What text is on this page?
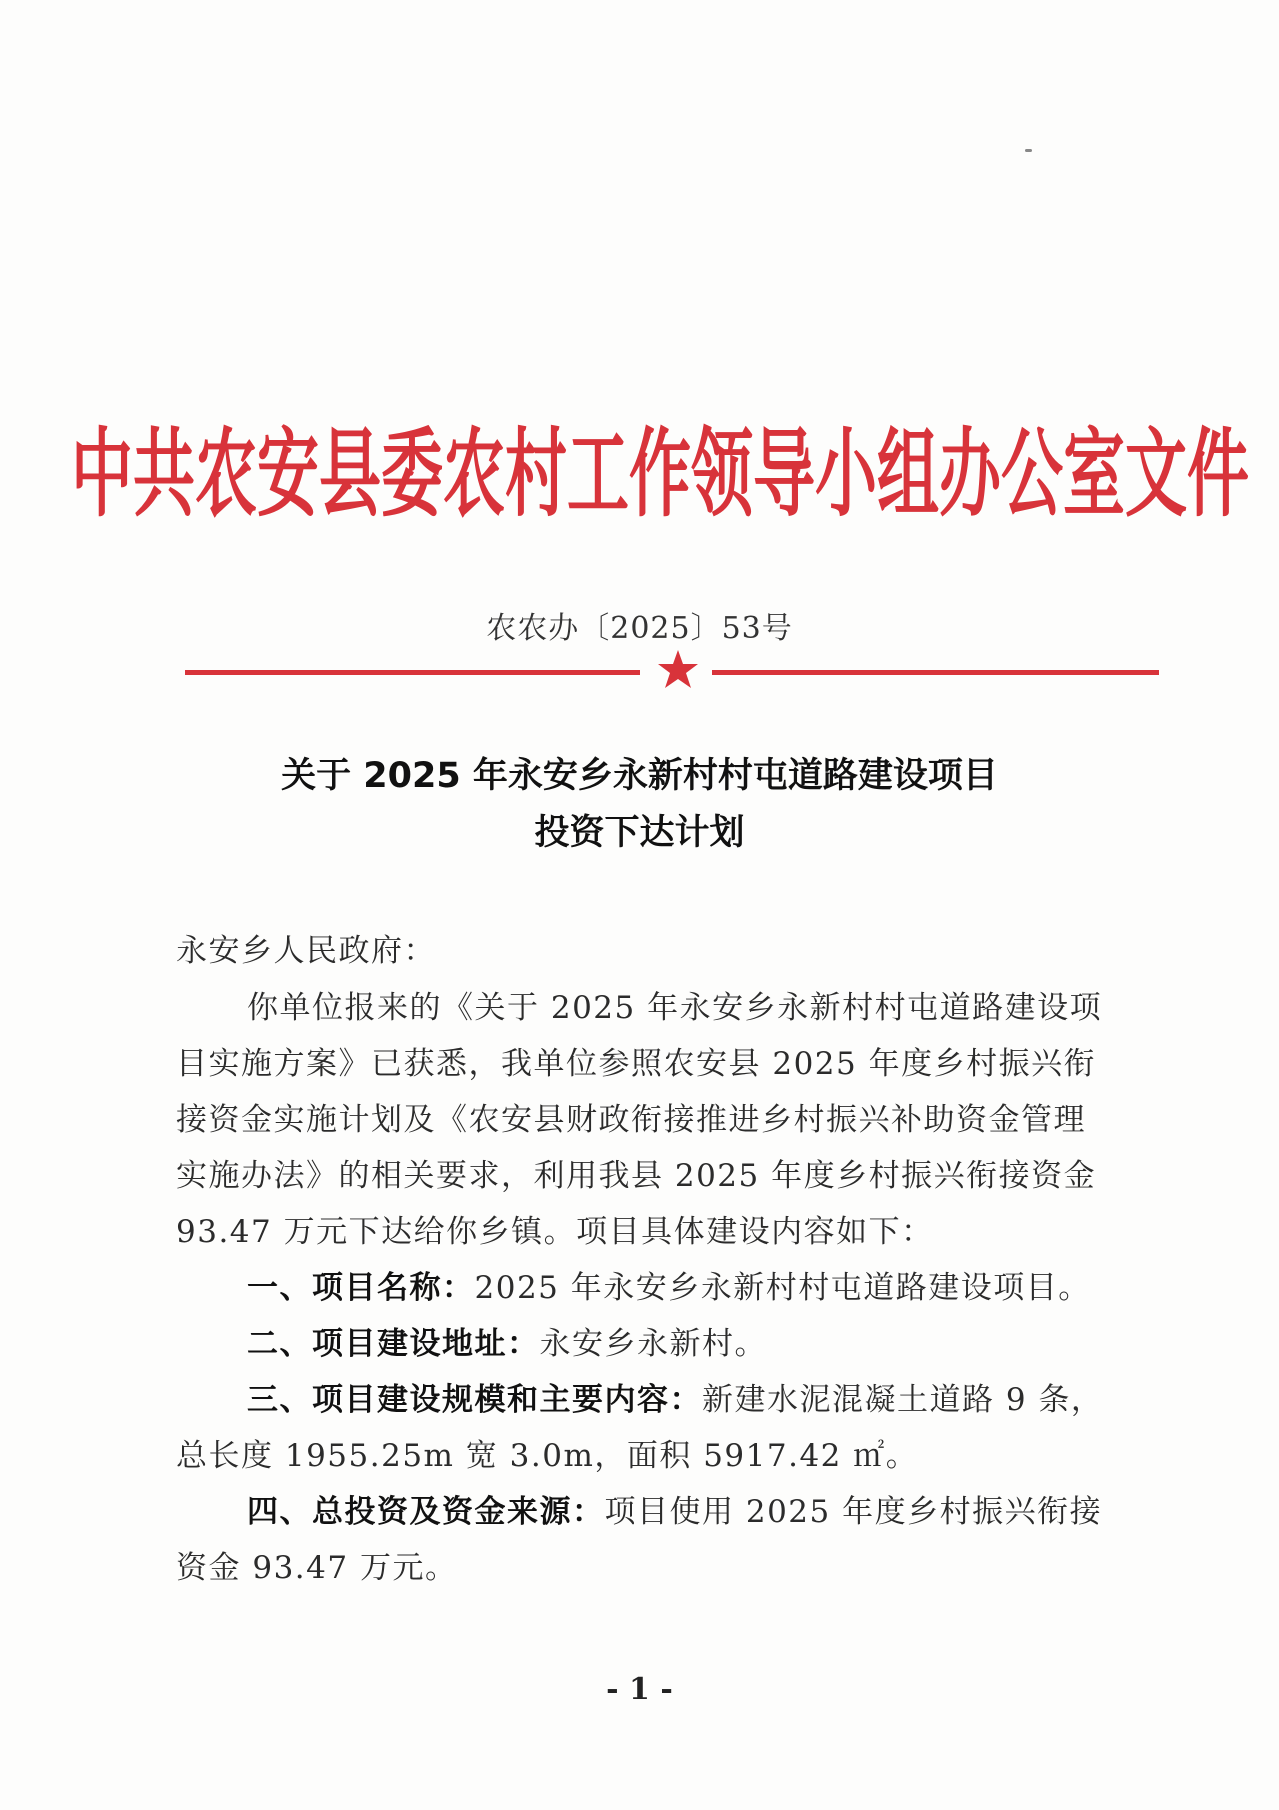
中共农安县委农村工作领导小组办公室文件
农农办〔2025〕53号
关于 2025 年永安乡永新村村屯道路建设项目
投资下达计划
永安乡人民政府：
你单位报来的《关于 2025 年永安乡永新村村屯道路建设项
目实施方案》已获悉，我单位参照农安县 2025 年度乡村振兴衔
接资金实施计划及《农安县财政衔接推进乡村振兴补助资金管理
实施办法》的相关要求，利用我县 2025 年度乡村振兴衔接资金
93.47 万元下达给你乡镇。项目具体建设内容如下：
一、项目名称：2025 年永安乡永新村村屯道路建设项目。
二、项目建设地址：永安乡永新村。
三、项目建设规模和主要内容：新建水泥混凝土道路 9 条，
总长度 1955.25m 宽 3.0m，面积 5917.42 ㎡。
四、总投资及资金来源：项目使用 2025 年度乡村振兴衔接
资金 93.47 万元。
- 1 -
